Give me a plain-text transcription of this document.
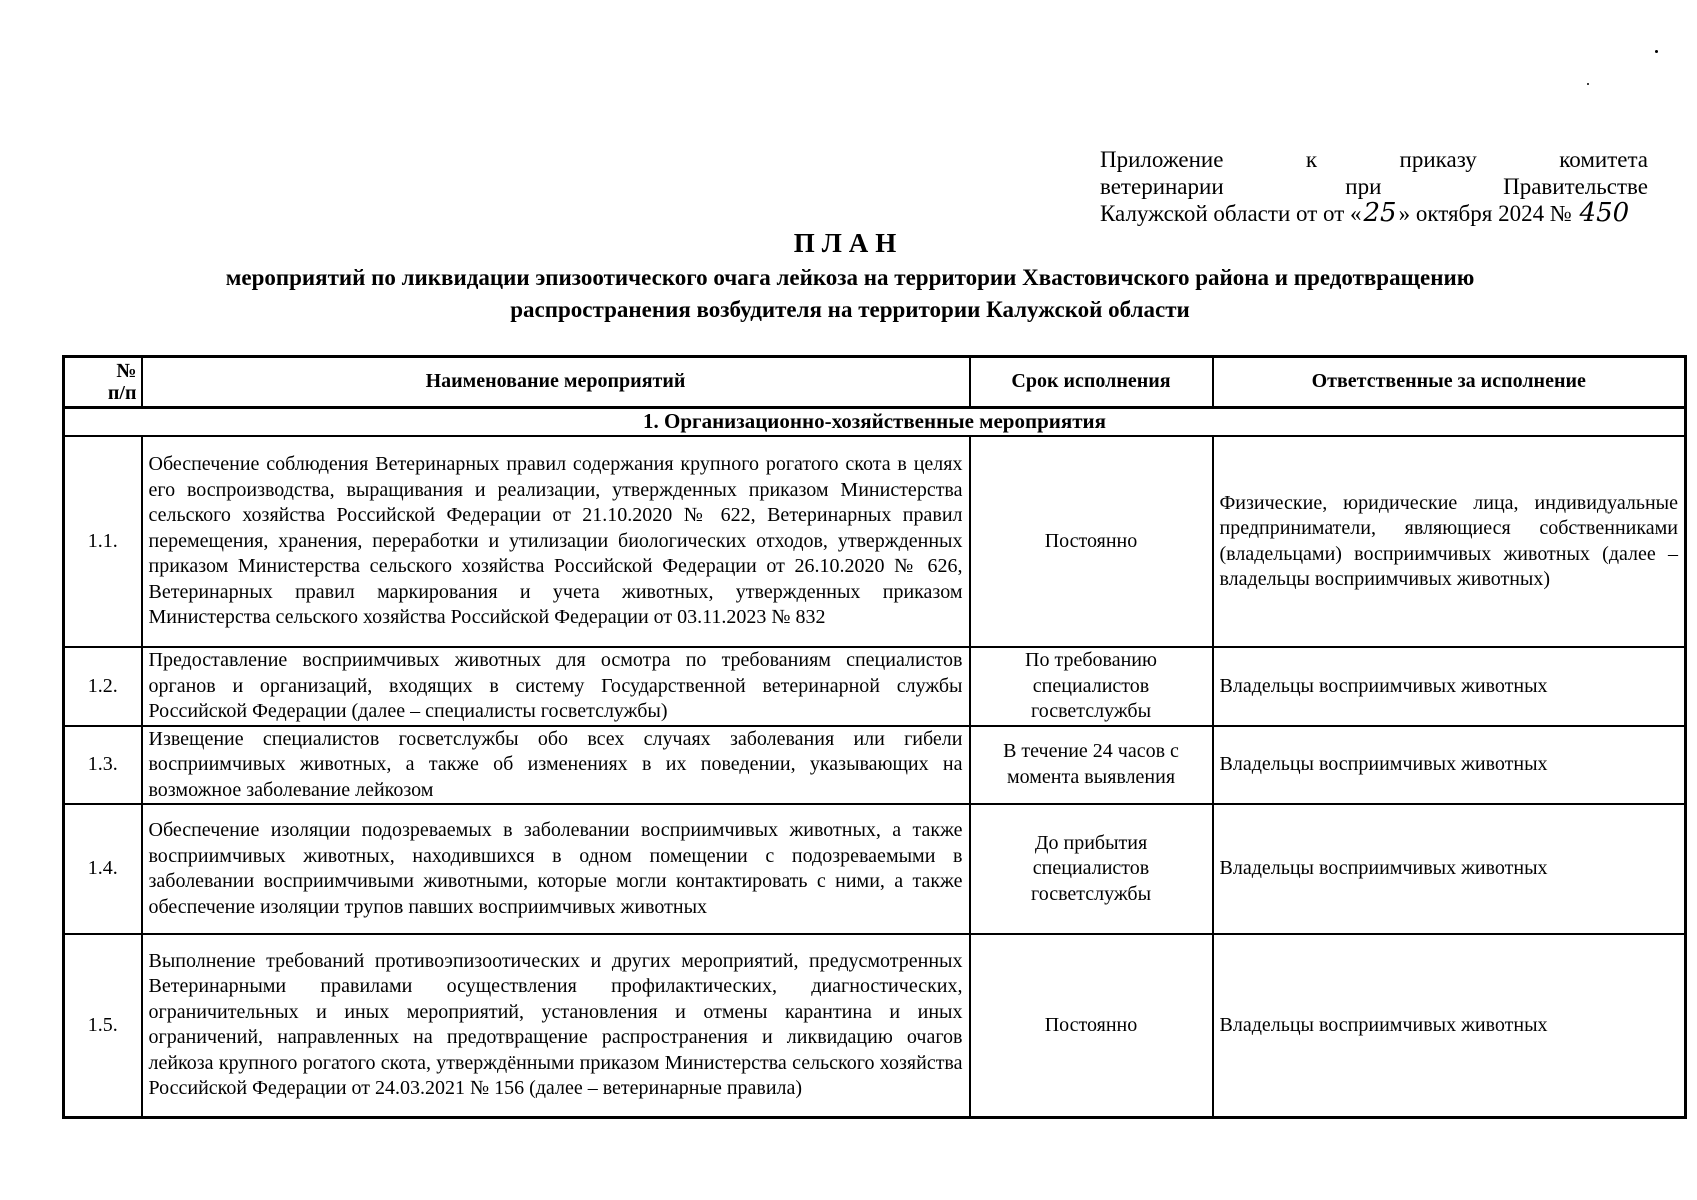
Приложение	к	приказу	комитета
ветеринарии	при	Правительстве
Калужской области от от « 25 » октября 2024 №
450
ПЛАН
мероприятий по ликвидации эпизоотического очага лейкоза на территории Хвастовичского района и предотвращению
распространения возбудителя на территории Калужской области
№
п/п	Наименование мероприятий	Срок исполнения	Ответственные за исполнение
1. Организационно-хозяйственные мероприятия			
1.1.	Обеспечение соблюдения Ветеринарных правил содержания крупного рогатого скота в целях его воспроизводства, выращивания и реализации, утвержденных приказом Министерства сельского хозяйства Российской Федерации от 21.10.2020 № 622, Ветеринарных правил перемещения, хранения, переработки и утилизации биологических отходов, утвержденных приказом Министерства сельского хозяйства Российской Федерации от 26.10.2020 № 626, Ветеринарных правил маркирования и учета животных, утвержденных приказом Министерства сельского хозяйства Российской Федерации от 03.11.2023 № 832	Постоянно	Физические, юридические лица, индивидуальные предприниматели, являющиеся собственниками (владельцами) восприимчивых животных (далее – владельцы восприимчивых животных)
1.2.	Предоставление восприимчивых животных для осмотра по требованиям специалистов органов и организаций, входящих в систему Государственной ветеринарной службы Российской Федерации (далее – специалисты госветслужбы)	По требованию специалистов госветслужбы	Владельцы восприимчивых животных
1.3.	Извещение специалистов госветслужбы обо всех случаях заболевания или гибели восприимчивых животных, а также об изменениях в их поведении, указывающих на возможное заболевание лейкозом	В течение 24 часов с момента выявления	Владельцы восприимчивых животных
1.4.	Обеспечение изоляции подозреваемых в заболевании восприимчивых животных, а также восприимчивых животных, находившихся в одном помещении с подозреваемыми в заболевании восприимчивыми животными, которые могли контактировать с ними, а также обеспечение изоляции трупов павших восприимчивых животных	До прибытия специалистов госветслужбы	Владельцы восприимчивых животных
1.5.	Выполнение требований противоэпизоотических и других мероприятий, предусмотренных Ветеринарными правилами осуществления профилактических, диагностических, ограничительных и иных мероприятий, установления и отмены карантина и иных ограничений, направленных на предотвращение распространения и ликвидацию очагов лейкоза крупного рогатого скота, утверждёнными приказом Министерства сельского хозяйства Российской Федерации от 24.03.2021 № 156 (далее – ветеринарные правила)	Постоянно	Владельцы восприимчивых животных
